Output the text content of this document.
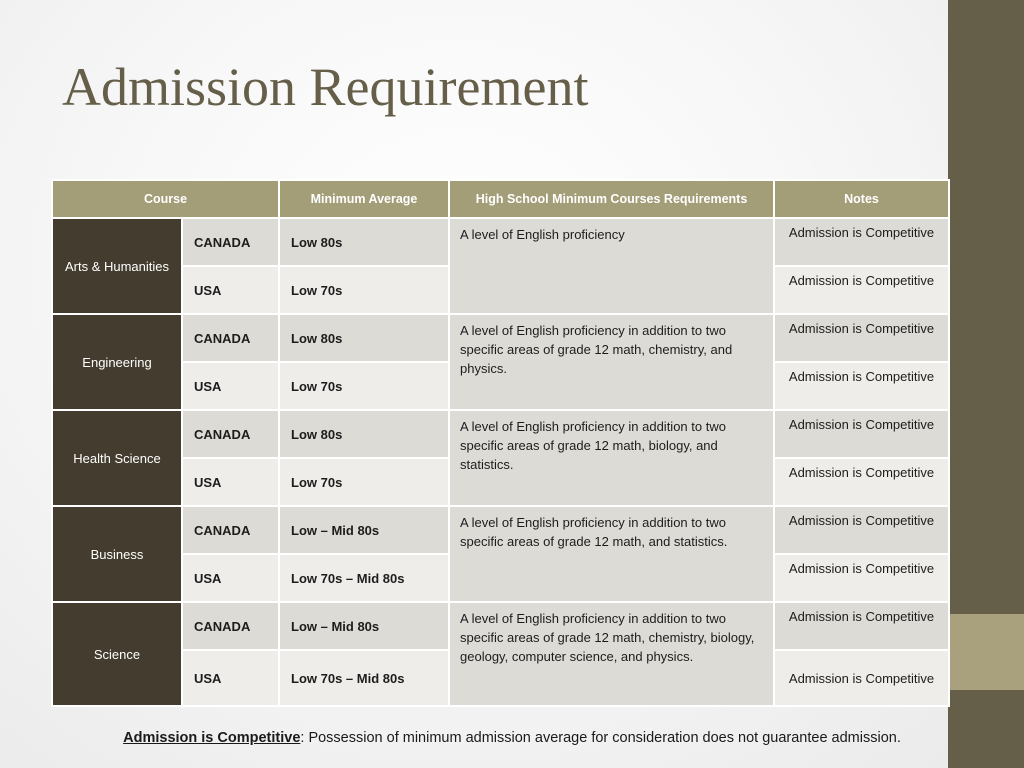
Admission Requirement
Course		Minimum Average	High School Minimum Courses Requirements	Notes
Arts & Humanities	CANADA	Low 80s	A level of English proficiency	Admission is Competitive
	USA	Low 70s		Admission is Competitive
Engineering	CANADA	Low 80s	A level of English proficiency in addition to two specific areas of grade 12 math, chemistry, and physics.	Admission is Competitive
	USA	Low 70s		Admission is Competitive
Health Science	CANADA	Low 80s	A level of English proficiency in addition to two specific areas of grade 12 math, biology, and statistics.	Admission is Competitive
	USA	Low 70s		Admission is Competitive
Business	CANADA	Low – Mid 80s	A level of English proficiency in addition to two specific areas of grade 12 math, and statistics.	Admission is Competitive
	USA	Low 70s – Mid 80s		Admission is Competitive
Science	CANADA	Low – Mid 80s	A level of English proficiency in addition to two specific areas of grade 12 math, chemistry, biology, geology, computer science, and physics.	Admission is Competitive
	USA	Low 70s – Mid 80s		Admission is Competitive
Admission is Competitive: Possession of minimum admission average for consideration does not guarantee admission.
